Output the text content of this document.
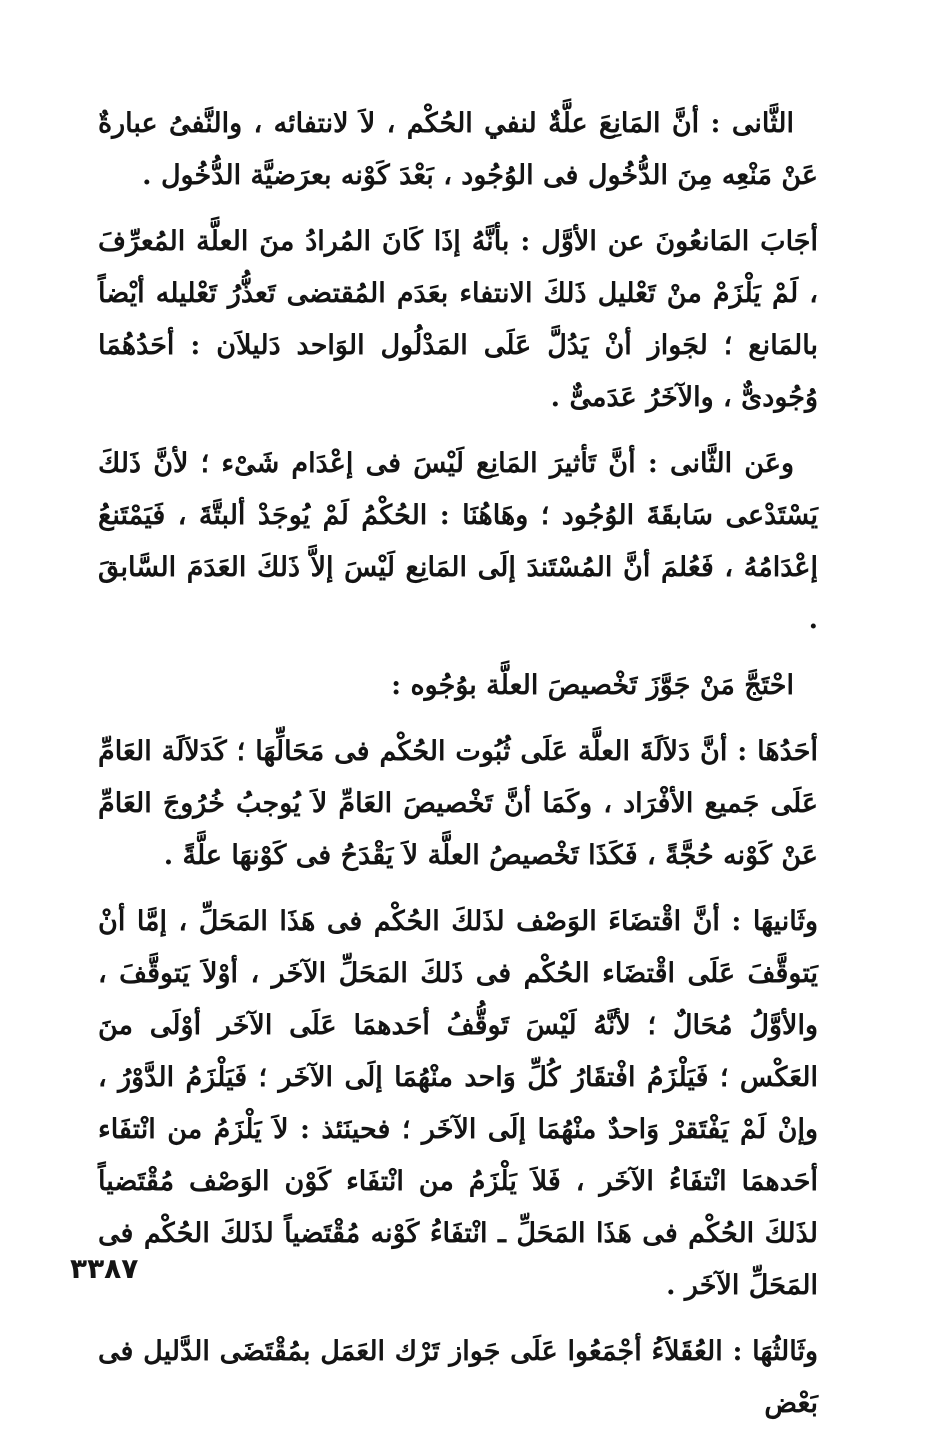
الثَّانى : أنَّ المَانِعَ علَّةٌ لنفي الحُكْم ، لاَ لانتفائه ، والنَّفىُ عبارةٌ عَنْ مَنْعِه مِنَ الدُّخُول فى الوُجُود ، بَعْدَ كَوْنه بعرَضيَّة الدُّخُول .

أجَابَ المَانعُونَ عن الأوَّل : بأنَّهُ إذَا كَانَ المُرادُ منَ العلَّة المُعرِّفَ ، لَمْ يَلْزَمْ منْ تَعْليل ذَلكَ الانتفاء بعَدَم المُقتضى تَعذُّرُ تَعْليله أيْضاً بالمَانع ؛ لجَواز أنْ يَدُلَّ عَلَى المَدْلُول الوَاحد دَليلاَن : أحَدُهُمَا وُجُودىٌّ ، والآخَرُ عَدَمىٌّ .

وعَن الثَّانى : أنَّ تَأثيرَ المَانِع لَيْسَ فى إعْدَام شَىْء ؛ لأنَّ ذَلكَ يَسْتَدْعى سَابقَةَ الوُجُود ؛ وهَاهُنَا : الحُكْمُ لَمْ يُوجَدْ ألبتَّةَ ، فَيَمْتَنعُ إعْدَامُهُ ، فَعُلمَ أنَّ المُسْتَندَ إلَى المَانِع لَيْسَ إلاَّ ذَلكَ العَدَمَ السَّابقَ .

احْتَجَّ مَنْ جَوَّزَ تَخْصيصَ العلَّة بوُجُوه :

أحَدُهَا : أنَّ دَلاَلَةَ العلَّة عَلَى ثُبُوت الحُكْم فى مَحَالِّهَا ؛ كَدَلاَلَة العَامِّ عَلَى جَميع الأفْرَاد ، وكَمَا أنَّ تَخْصيصَ العَامِّ لاَ يُوجبُ خُرُوجَ العَامِّ عَنْ كَوْنه حُجَّةً ، فَكَذَا تَخْصيصُ العلَّة لاَ يَقْدَحُ فى كَوْنهَا علَّةً .

وثَانيهَا : أنَّ اقْتضَاءَ الوَصْف لذَلكَ الحُكْم فى هَذَا المَحَلِّ ، إمَّا أنْ يَتوقَّفَ عَلَى اقْتضَاء الحُكْم فى ذَلكَ المَحَلِّ الآخَر ، أوْلاَ يَتوقَّفَ ، والأوَّلُ مُحَالٌ ؛ لأنَّهُ لَيْسَ تَوقُّفُ أحَدهمَا عَلَى الآخَر أوْلَى منَ العَكْس ؛ فَيَلْزَمُ افْتقَارُ كُلِّ وَاحد منْهُمَا إلَى الآخَر ؛ فَيَلْزَمُ الدَّوْرُ ، وإنْ لَمْ يَفْتَقرْ وَاحدٌ منْهُمَا إلَى الآخَر ؛ فحينَئذ : لاَ يَلْزَمُ من انْتفَاء أحَدهمَا انْتفَاءُ الآخَر ، فَلاَ يَلْزَمُ من انْتفَاء كَوْن الوَصْف مُقْتَضياً لذَلكَ الحُكْم فى هَذَا المَحَلِّ ـ انْتفَاءُ كَوْنه مُقْتَضياً لذَلكَ الحُكْم فى المَحَلِّ الآخَر .

وثَالثُهَا : العُقَلاَءُ أجْمَعُوا عَلَى جَواز تَرْك العَمَل بمُقْتَضَى الدَّليل فى بَعْض

٣٣٨٧
